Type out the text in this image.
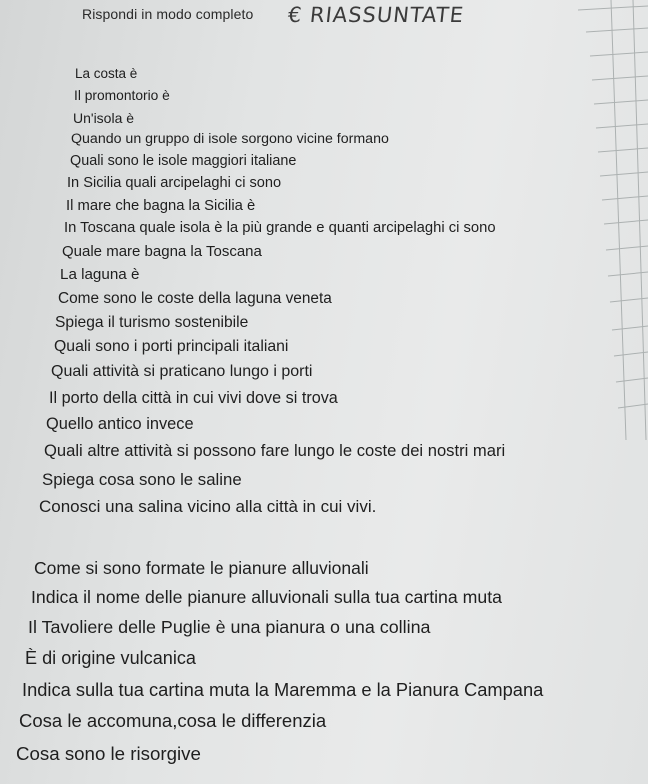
Rispondi in modo completo € RIASSUNTATE
La costa è
Il promontorio è
Un'isola è
Quando un gruppo di isole sorgono vicine formano
Quali sono le isole maggiori italiane
In Sicilia quali arcipelaghi ci sono
Il mare che bagna la Sicilia è
In Toscana quale isola è la più grande e quanti arcipelaghi ci sono
Quale mare bagna la Toscana
La laguna è
Come sono le coste della laguna veneta
Spiega il turismo sostenibile
Quali sono i porti principali italiani
Quali attività si praticano lungo i porti
Il porto della città in cui vivi dove si trova
Quello antico invece
Quali altre attività si possono fare lungo le coste dei nostri mari
Spiega cosa sono le saline
Conosci una salina vicino alla città in cui vivi.
Come si sono formate le pianure alluvionali
Indica il nome delle pianure alluvionali sulla tua cartina muta
Il Tavoliere delle Puglie è una pianura o una collina
È di origine vulcanica
Indica sulla tua cartina muta la Maremma e la Pianura Campana
Cosa le accomuna,cosa le differenzia
Cosa sono le risorgive
